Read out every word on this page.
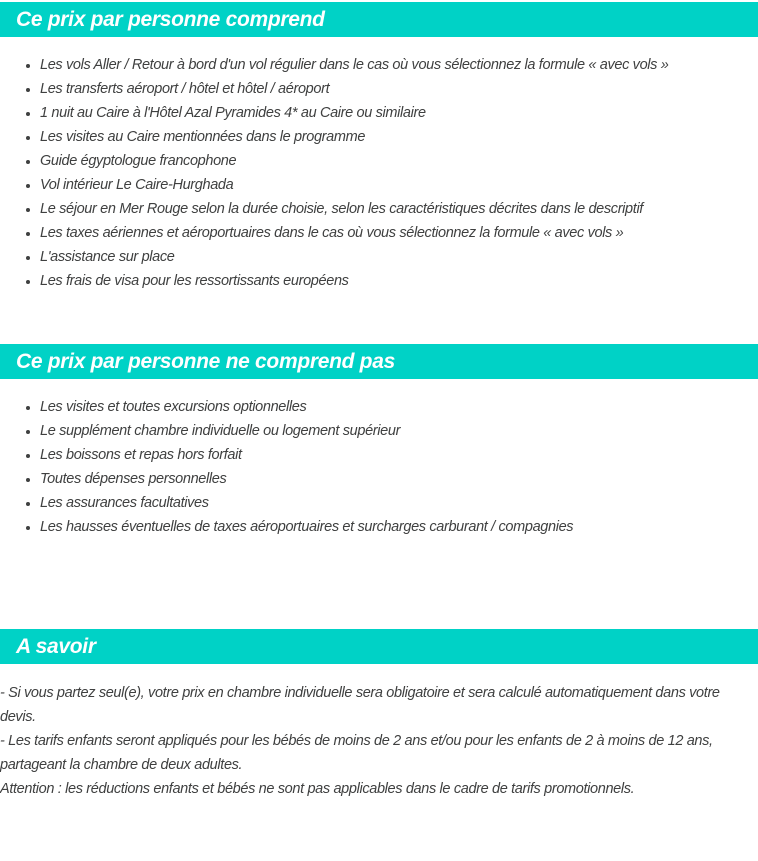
Ce prix par personne comprend
• Les vols Aller / Retour à bord d'un vol régulier dans le cas où vous sélectionnez la formule « avec vols »
• Les transferts aéroport / hôtel et hôtel / aéroport
• 1 nuit au Caire à l'Hôtel Azal Pyramides 4* au Caire ou similaire
• Les visites au Caire mentionnées dans le programme
• Guide égyptologue francophone
• Vol intérieur Le Caire-Hurghada
• Le séjour en Mer Rouge selon la durée choisie, selon les caractéristiques décrites dans le descriptif
• Les taxes aériennes et aéroportuaires dans le cas où vous sélectionnez la formule « avec vols »
• L'assistance sur place
• Les frais de visa pour les ressortissants européens
Ce prix par personne ne comprend pas
• Les visites et toutes excursions optionnelles
• Le supplément chambre individuelle ou logement supérieur
• Les boissons et repas hors forfait
• Toutes dépenses personnelles
• Les assurances facultatives
• Les hausses éventuelles de taxes aéroportuaires et surcharges carburant / compagnies
A savoir

- Si vous partez seul(e), votre prix en chambre individuelle sera obligatoire et sera calculé automatiquement dans votre devis.

- Les tarifs enfants seront appliqués pour les bébés de moins de 2 ans et/ou pour les enfants de 2 à moins de 12 ans, partageant la chambre de deux adultes.

Attention : les réductions enfants et bébés ne sont pas applicables dans le cadre de tarifs promotionnels.
